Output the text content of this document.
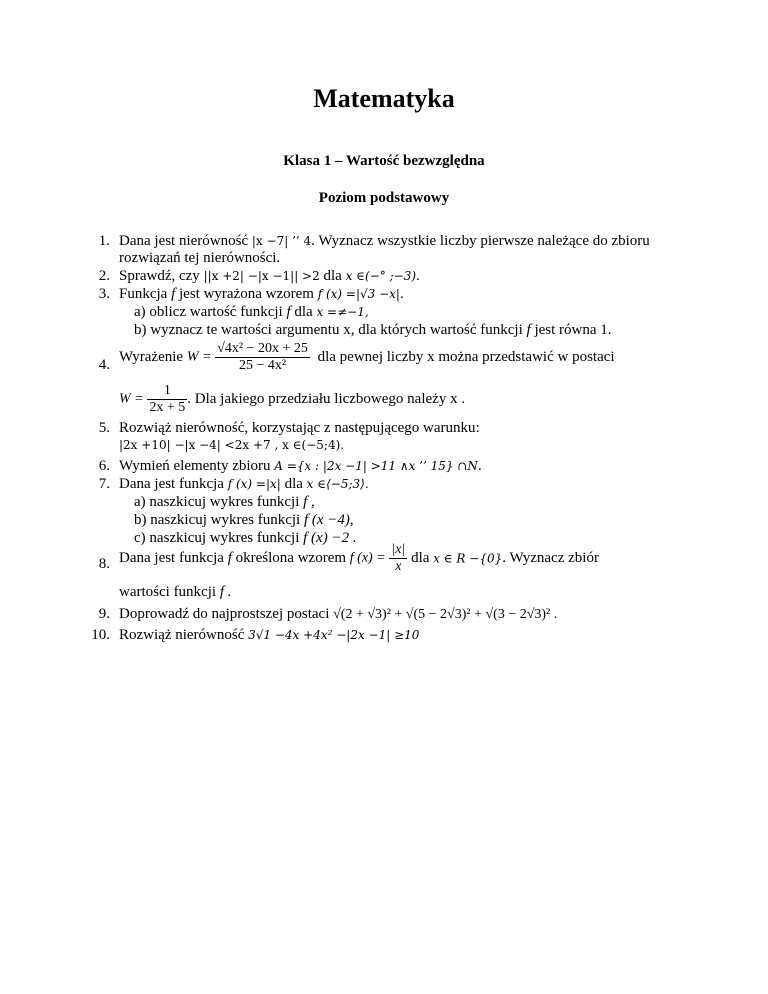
Matematyka
Klasa 1 – Wartość bezwzględna
Poziom podstawowy
1. Dana jest nierówność |x −7| ’’ 4. Wyznacz wszystkie liczby pierwsze należące do zbioru
rozwiązań tej nierówności.
2. Sprawdź, czy ||x +2| −|x −1|| >2 dla x ∈(−° ;−3).
3. Funkcja f jest wyrażona wzorem f (x) =|√3 −x|.
a) oblicz wartość funkcji f dla x =≠−1,
b) wyznacz te wartości argumentu x, dla których wartość funkcji f jest równa 1.
4. Wyrażenie $W = \frac{\text{√4x² − 20x + 25}}{\text{25 − 4x²}}$ dla pewnej liczby x można przedstawić w postaci
$W = \frac{1}{2x + 5}$ . Dla jakiego przedziału liczbowego należy x .
5. Rozwiąż nierówność, korzystając z następującego warunku:
|2x +10| −|x −4| <2x +7 , x ∈(−5;4).
6. Wymień elementy zbioru A ={x : |2x −1| >11 ∧x ’’ 15} ∩N.
7. Dana jest funkcja f (x) =|x| dla x ∈⟨−5;3⟩.
a) naszkicuj wykres funkcji f ,
b) naszkicuj wykres funkcji f (x −4),
c) naszkicuj wykres funkcji f (x) −2 .
8. Dana jest funkcja f określona wzorem f $(x) = \frac{|x|}{x}$ dla x ∈ R −{0}. Wyznacz zbiór
wartości funkcji f .
9. Doprowadź do najprostszej postaci √(2 + √3)² + √(5 − 2√3)² + √(3 − 2√3)² .
10. Rozwiąż nierówność 3√1 −4x +4x² −|2x −1| ≥10
